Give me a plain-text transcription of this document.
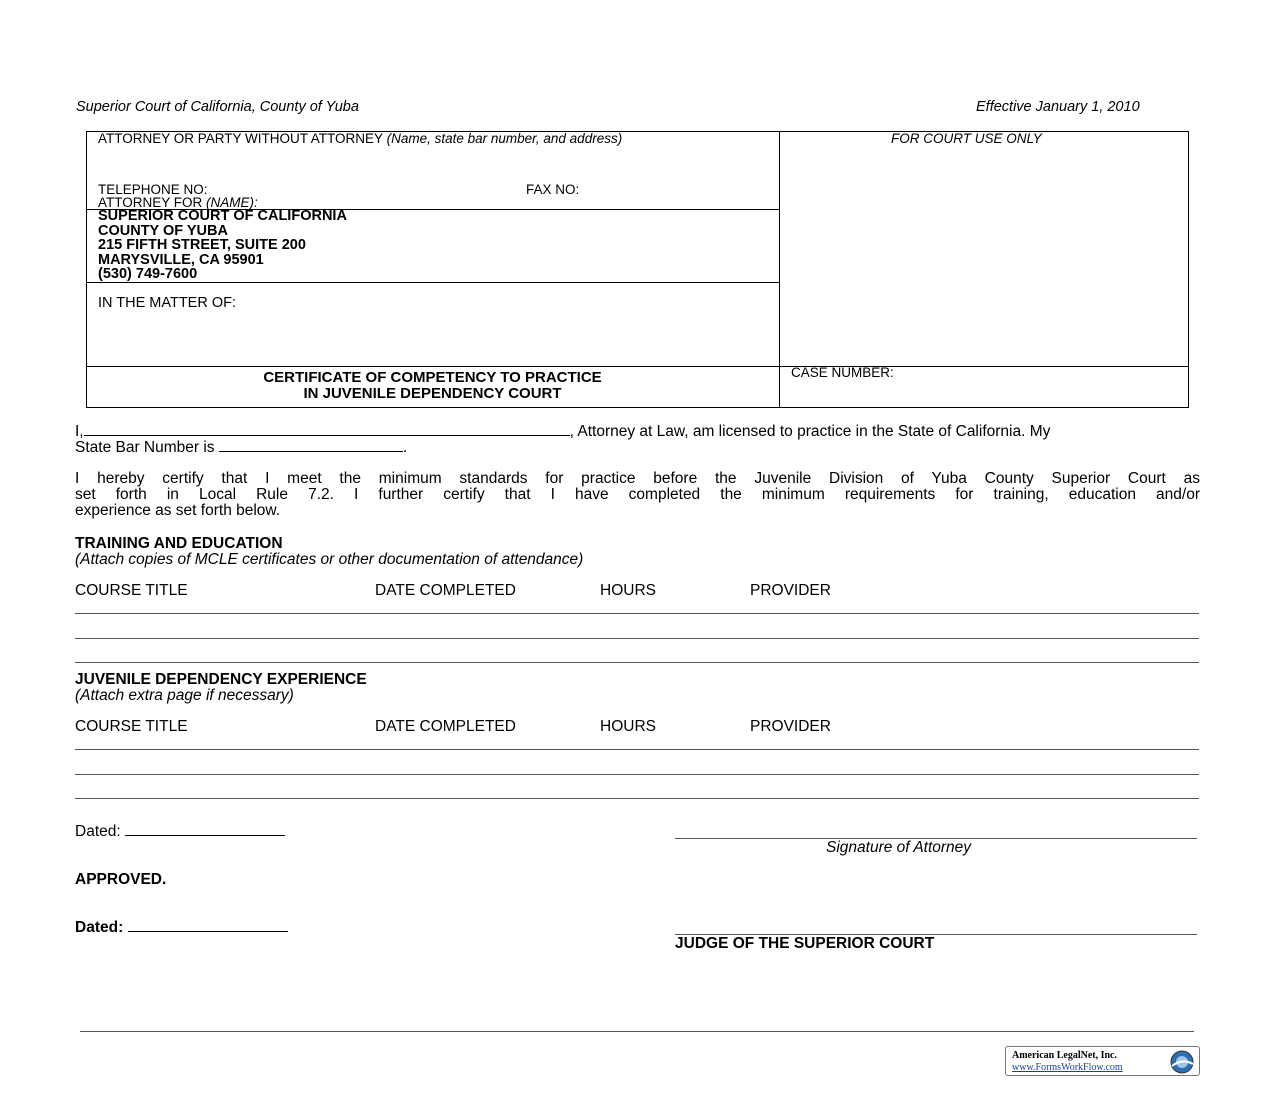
Superior Court of California, County of Yuba	Effective January 1, 2010
ATTORNEY OR PARTY WITHOUT ATTORNEY (Name, state bar number, and address)	FOR COURT USE ONLY
TELEPHONE NO:	FAX NO:
ATTORNEY FOR (NAME):
SUPERIOR COURT OF CALIFORNIA
COUNTY OF YUBA
215 FIFTH STREET, SUITE 200
MARYSVILLE, CA 95901
(530) 749-7600
IN THE MATTER OF:
CERTIFICATE OF COMPETENCY TO PRACTICE
IN JUVENILE DEPENDENCY COURT
CASE NUMBER:
I,	, Attorney at Law, am licensed to practice in the State of California. My
State Bar Number is	.
I hereby certify that I meet the minimum standards for practice before the Juvenile Division of Yuba County Superior Court as
set forth in Local Rule 7.2. I further certify that I have completed the minimum requirements for training, education and/or
experience as set forth below.
TRAINING AND EDUCATION
(Attach copies of MCLE certificates or other documentation of attendance)
COURSE TITLE	DATE COMPLETED	HOURS	PROVIDER
JUVENILE DEPENDENCY EXPERIENCE
(Attach extra page if necessary)
COURSE TITLE	DATE COMPLETED	HOURS	PROVIDER
Dated:
Signature of Attorney
APPROVED.
Dated:
JUDGE OF THE SUPERIOR COURT
American LegalNet, Inc.
www.FormsWorkFlow.com
